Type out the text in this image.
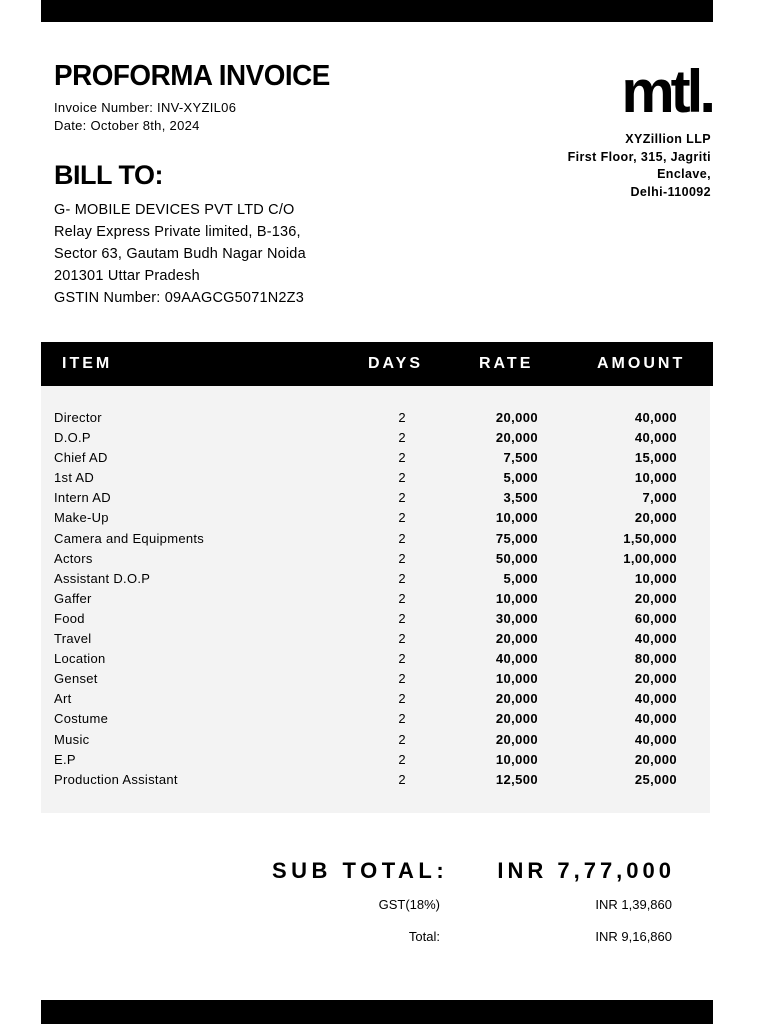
PROFORMA INVOICE
Invoice Number: INV-XYZIL06
Date: October 8th, 2024
mtl.
XYZillion LLP
First Floor, 315, Jagriti
Enclave,
Delhi-110092
BILL TO:
G- MOBILE DEVICES PVT LTD C/O
Relay Express Private limited, B-136,
Sector 63, Gautam Budh Nagar Noida
201301 Uttar Pradesh
GSTIN Number: 09AAGCG5071N2Z3
ITEM	DAYS	RATE	AMOUNT
Director	2	20,000	40,000
D.O.P	2	20,000	40,000
Chief AD	2	7,500	15,000
1st AD	2	5,000	10,000
Intern AD	2	3,500	7,000
Make-Up	2	10,000	20,000
Camera and Equipments	2	75,000	1,50,000
Actors	2	50,000	1,00,000
Assistant D.O.P	2	5,000	10,000
Gaffer	2	10,000	20,000
Food	2	30,000	60,000
Travel	2	20,000	40,000
Location	2	40,000	80,000
Genset	2	10,000	20,000
Art	2	20,000	40,000
Costume	2	20,000	40,000
Music	2	20,000	40,000
E.P	2	10,000	20,000
Production Assistant	2	12,500	25,000
SUB TOTAL: INR 7,77,000
GST(18%)	INR 1,39,860
Total:	INR 9,16,860
